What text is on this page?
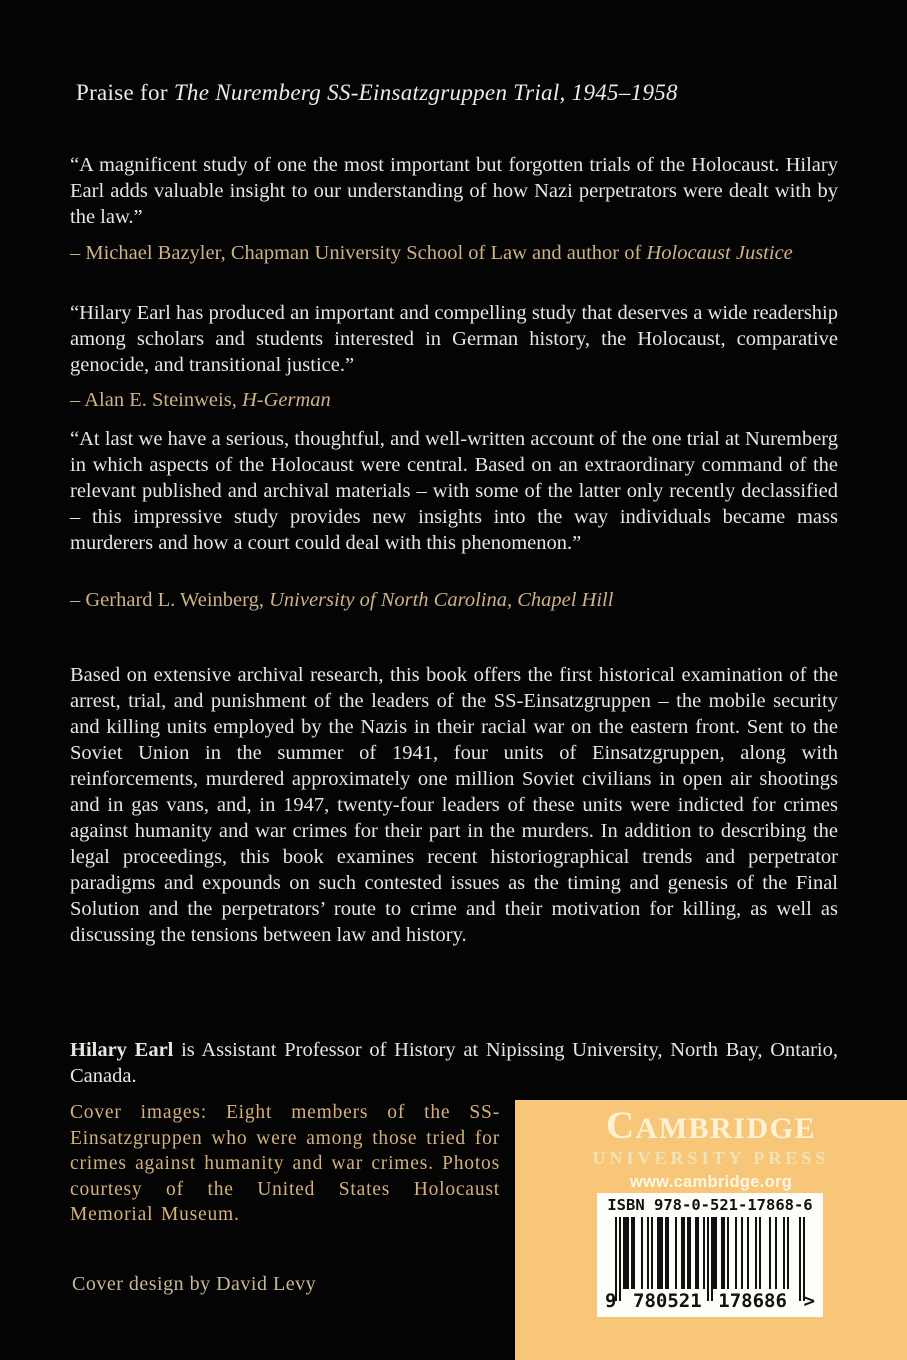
Praise for The Nuremberg SS-Einsatzgruppen Trial, 1945–1958
“A magnificent study of one the most important but forgotten trials of the Holocaust. Hilary Earl adds valuable insight to our understanding of how Nazi perpetrators were dealt with by the law.”
– Michael Bazyler, Chapman University School of Law and author of Holocaust Justice
“Hilary Earl has produced an important and compelling study that deserves a wide readership among scholars and students interested in German history, the Holocaust, comparative genocide, and transitional justice.”
– Alan E. Steinweis, H-German
“At last we have a serious, thoughtful, and well-written account of the one trial at Nuremberg in which aspects of the Holocaust were central. Based on an extraordinary command of the relevant published and archival materials – with some of the latter only recently declassified – this impressive study provides new insights into the way individuals became mass murderers and how a court could deal with this phenomenon.”
– Gerhard L. Weinberg, University of North Carolina, Chapel Hill
Based on extensive archival research, this book offers the first historical examination of the arrest, trial, and punishment of the leaders of the SS-Einsatzgruppen – the mobile security and killing units employed by the Nazis in their racial war on the eastern front. Sent to the Soviet Union in the summer of 1941, four units of Einsatzgruppen, along with reinforcements, murdered approximately one million Soviet civilians in open air shootings and in gas vans, and, in 1947, twenty-four leaders of these units were indicted for crimes against humanity and war crimes for their part in the murders. In addition to describing the legal proceedings, this book examines recent historiographical trends and perpetrator paradigms and expounds on such contested issues as the timing and genesis of the Final Solution and the perpetrators’ route to crime and their motivation for killing, as well as discussing the tensions between law and history.
Hilary Earl is Assistant Professor of History at Nipissing University, North Bay, Ontario, Canada.
Cover images: Eight members of the SS-Einsatzgruppen who were among those tried for crimes against humanity and war crimes. Photos courtesy of the United States Holocaust Memorial Museum.
Cover design by David Levy
CAMBRIDGE
UNIVERSITY PRESS
www.cambridge.org
ISBN 978-0-521-17868-6
9 780521 178686 >
